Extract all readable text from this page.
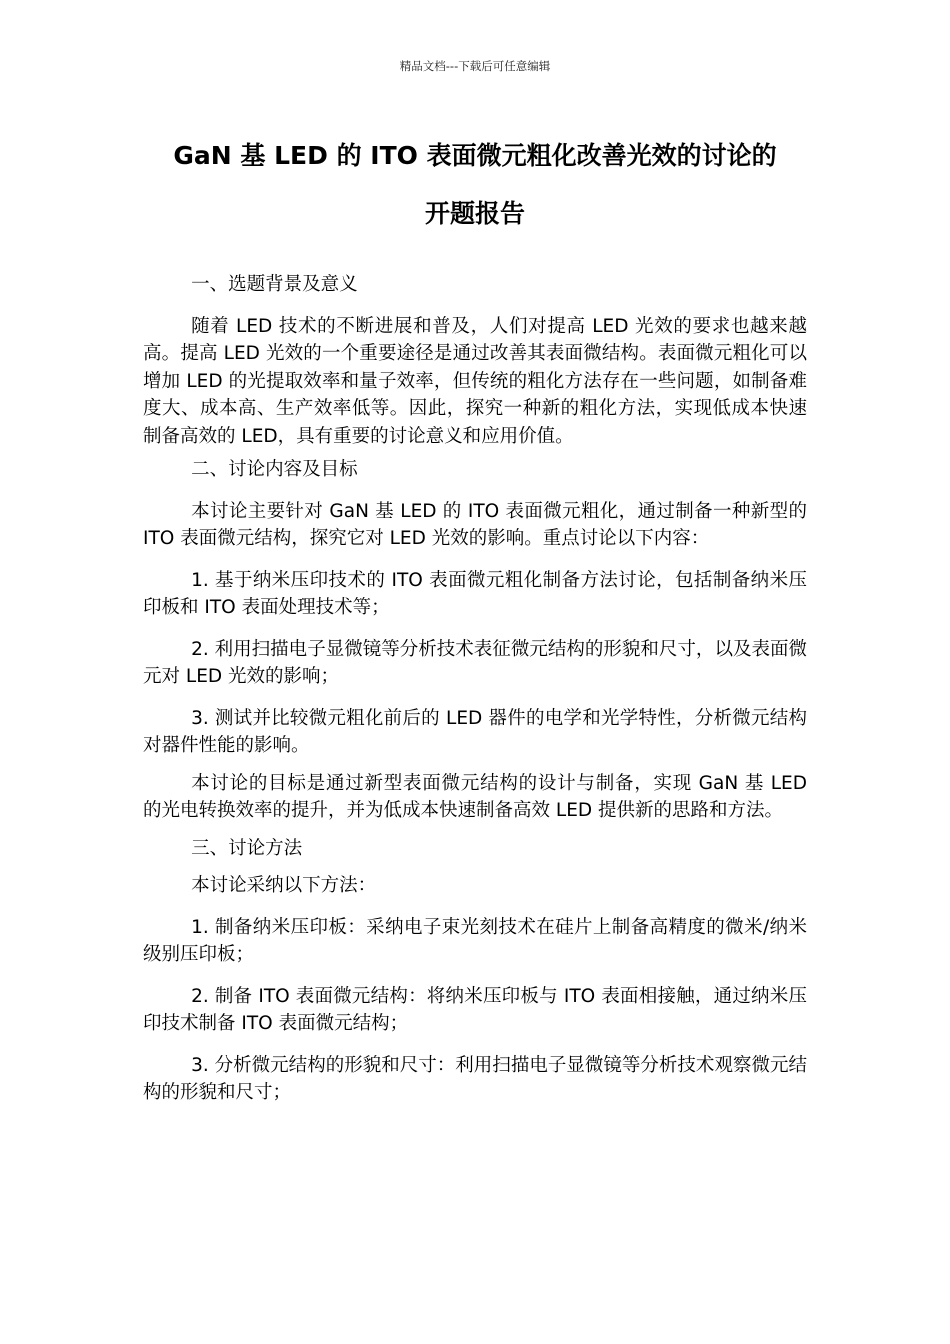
精品文档---下载后可任意编辑
GaN 基 LED 的 ITO 表面微元粗化改善光效的讨论的
开题报告

一、选题背景及意义

随着 LED 技术的不断进展和普及，人们对提高 LED 光效的要求也越来越高。提高 LED 光效的一个重要途径是通过改善其表面微结构。表面微元粗化可以增加 LED 的光提取效率和量子效率，但传统的粗化方法存在一些问题，如制备难度大、成本高、生产效率低等。因此，探究一种新的粗化方法，实现低成本快速制备高效的 LED，具有重要的讨论意义和应用价值。

二、讨论内容及目标

本讨论主要针对 GaN 基 LED 的 ITO 表面微元粗化，通过制备一种新型的 ITO 表面微元结构，探究它对 LED 光效的影响。重点讨论以下内容：

1. 基于纳米压印技术的 ITO 表面微元粗化制备方法讨论，包括制备纳米压印板和 ITO 表面处理技术等；

2. 利用扫描电子显微镜等分析技术表征微元结构的形貌和尺寸，以及表面微元对 LED 光效的影响；

3. 测试并比较微元粗化前后的 LED 器件的电学和光学特性，分析微元结构对器件性能的影响。

本讨论的目标是通过新型表面微元结构的设计与制备，实现 GaN 基 LED 的光电转换效率的提升，并为低成本快速制备高效 LED 提供新的思路和方法。

三、讨论方法

本讨论采纳以下方法：

1. 制备纳米压印板：采纳电子束光刻技术在硅片上制备高精度的微米/纳米级别压印板；

2. 制备 ITO 表面微元结构：将纳米压印板与 ITO 表面相接触，通过纳米压印技术制备 ITO 表面微元结构；

3. 分析微元结构的形貌和尺寸：利用扫描电子显微镜等分析技术观察微元结构的形貌和尺寸；
